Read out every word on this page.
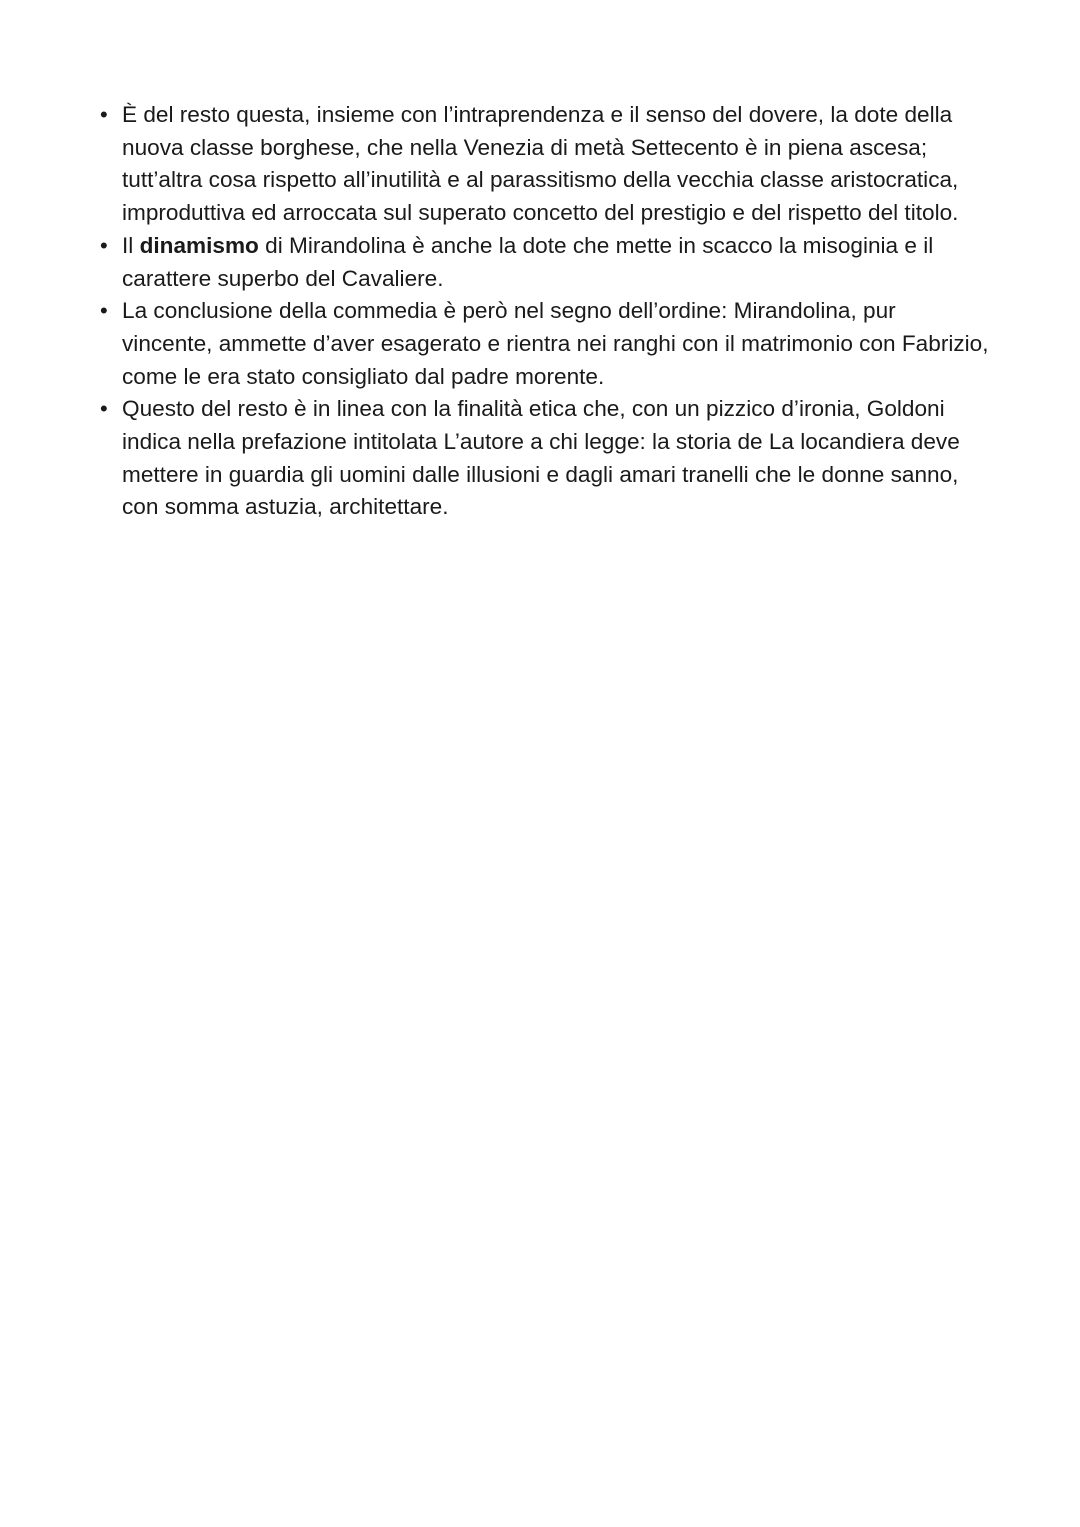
• È del resto questa, insieme con l’intraprendenza e il senso del dovere, la dote della nuova classe borghese, che nella Venezia di metà Settecento è in piena ascesa; tutt’altra cosa rispetto all’inutilità e al parassitismo della vecchia classe aristocratica, improduttiva ed arroccata sul superato concetto del prestigio e del rispetto del titolo.
• Il dinamismo di Mirandolina è anche la dote che mette in scacco la misoginia e il carattere superbo del Cavaliere.
• La conclusione della commedia è però nel segno dell’ordine: Mirandolina, pur vincente, ammette d’aver esagerato e rientra nei ranghi con il matrimonio con Fabrizio, come le era stato consigliato dal padre morente.
• Questo del resto è in linea con la finalità etica che, con un pizzico d’ironia, Goldoni indica nella prefazione intitolata L’autore a chi legge: la storia de La locandiera deve mettere in guardia gli uomini dalle illusioni e dagli amari tranelli che le donne sanno, con somma astuzia, architettare.
